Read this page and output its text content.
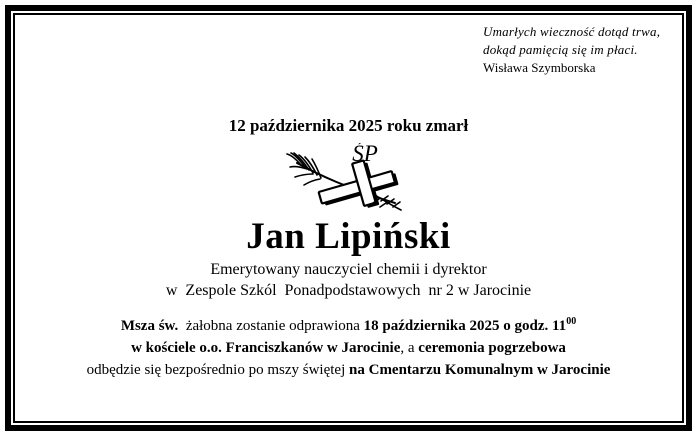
Umarłych wieczność dotąd trwa,
dokąd pamięcią się im płaci.
Wisława Szymborska

12 października 2025 roku zmarł

ŚP

Jan Lipiński

Emerytowany nauczyciel chemii i dyrektor

w  Zespole Szkól  Ponadpodstawowych  nr 2 w Jarocinie

Msza św.  żałobna zostanie odprawiona 18 października 2025 o godz. $11^{00}$

w kościele o.o. Franciszkanów w Jarocinie, a ceremonia pogrzebowa

odbędzie się bezpośrednio po mszy świętej na Cmentarzu Komunalnym w Jarocinie
